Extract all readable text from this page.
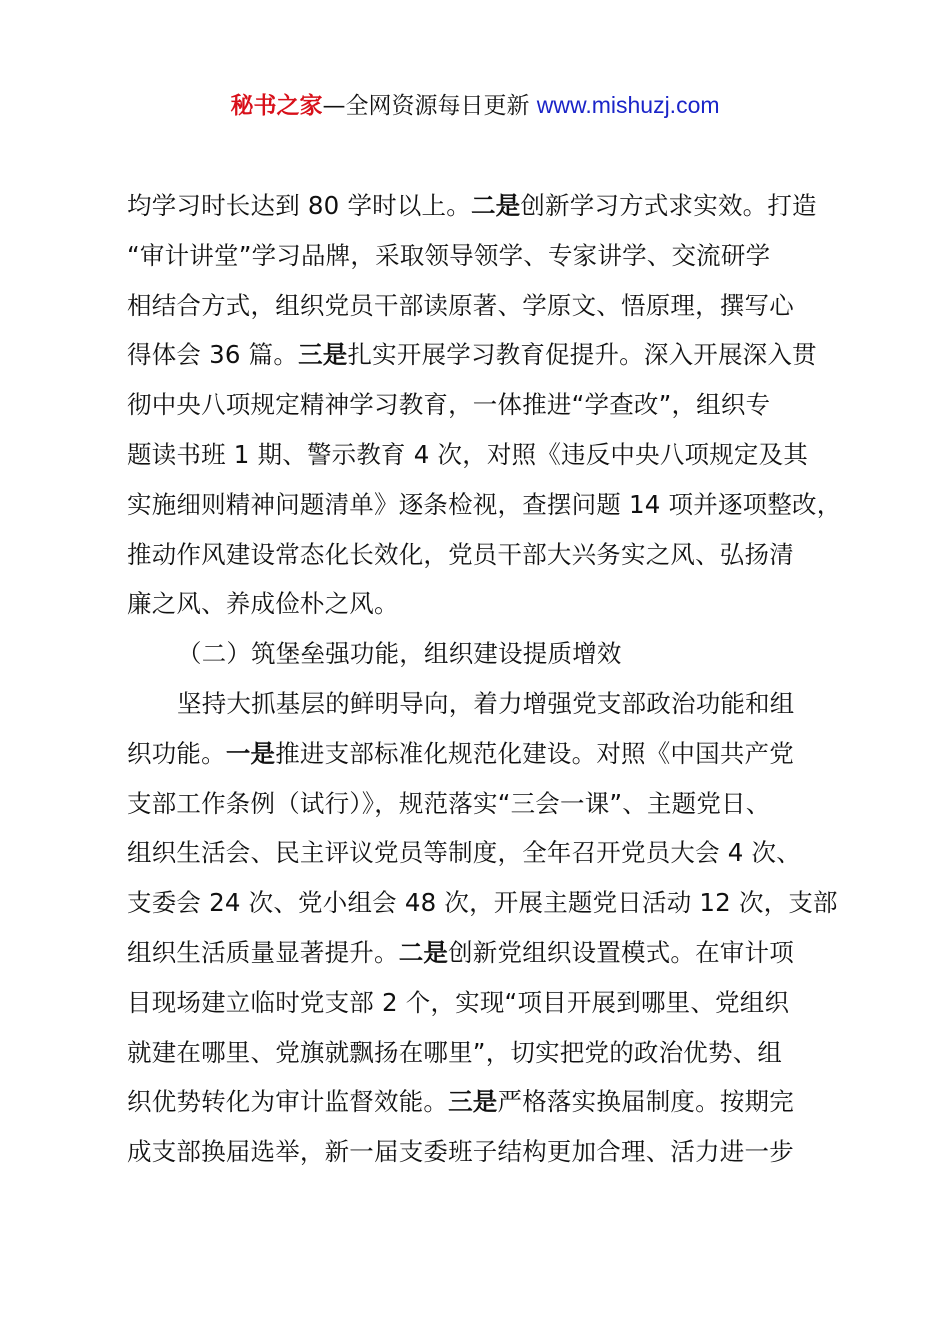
秘书之家—全网资源每日更新 www.mishuzj.com
均学习时长达到 80 学时以上。二是创新学习方式求实效。打造
“审计讲堂”学习品牌，采取领导领学、专家讲学、交流研学
相结合方式，组织党员干部读原著、学原文、悟原理，撰写心
得体会 36 篇。三是扎实开展学习教育促提升。深入开展深入贯
彻中央八项规定精神学习教育，一体推进“学查改”，组织专
题读书班 1 期、警示教育 4 次，对照《违反中央八项规定及其
实施细则精神问题清单》逐条检视，查摆问题 14 项并逐项整改，
推动作风建设常态化长效化，党员干部大兴务实之风、弘扬清
廉之风、养成俭朴之风。
（二）筑堡垒强功能，组织建设提质增效
坚持大抓基层的鲜明导向，着力增强党支部政治功能和组
织功能。一是推进支部标准化规范化建设。对照《中国共产党
支部工作条例（试行）》，规范落实“三会一课”、主题党日、
组织生活会、民主评议党员等制度，全年召开党员大会 4 次、
支委会 24 次、党小组会 48 次，开展主题党日活动 12 次，支部
组织生活质量显著提升。二是创新党组织设置模式。在审计项
目现场建立临时党支部 2 个，实现“项目开展到哪里、党组织
就建在哪里、党旗就飘扬在哪里”，切实把党的政治优势、组
织优势转化为审计监督效能。三是严格落实换届制度。按期完
成支部换届选举，新一届支委班子结构更加合理、活力进一步
